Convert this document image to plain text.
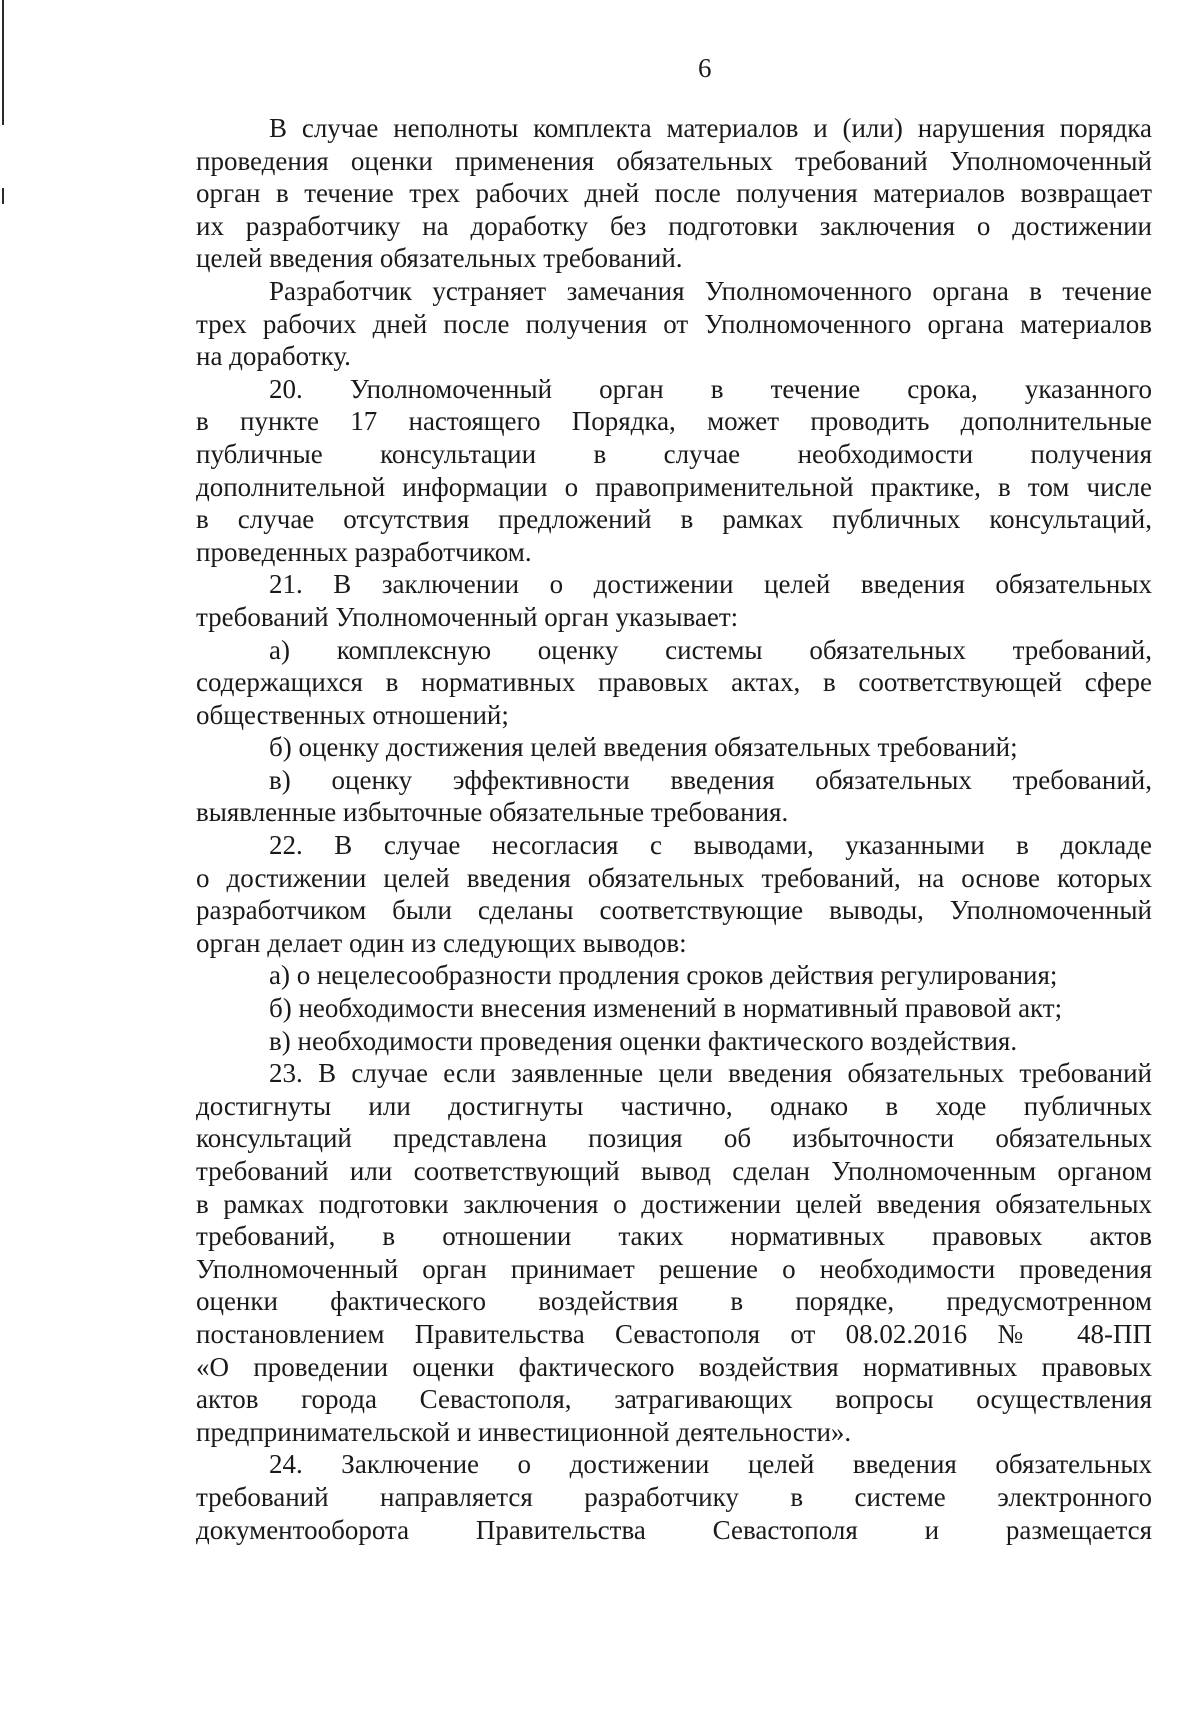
6
В случае неполноты комплекта материалов и (или) нарушения порядка
проведения оценки применения обязательных требований Уполномоченный
орган в течение трех рабочих дней после получения материалов возвращает
их разработчику на доработку без подготовки заключения о достижении
целей введения обязательных требований.
Разработчик устраняет замечания Уполномоченного органа в течение
трех рабочих дней после получения от Уполномоченного органа материалов
на доработку.
20. Уполномоченный орган в течение срока, указанного
в пункте 17 настоящего Порядка, может проводить дополнительные
публичные консультации в случае необходимости получения
дополнительной информации о правоприменительной практике, в том числе
в случае отсутствия предложений в рамках публичных консультаций,
проведенных разработчиком.
21. В заключении о достижении целей введения обязательных
требований Уполномоченный орган указывает:
а) комплексную оценку системы обязательных требований,
содержащихся в нормативных правовых актах, в соответствующей сфере
общественных отношений;
б) оценку достижения целей введения обязательных требований;
в) оценку эффективности введения обязательных требований,
выявленные избыточные обязательные требования.
22. В случае несогласия с выводами, указанными в докладе
о достижении целей введения обязательных требований, на основе которых
разработчиком были сделаны соответствующие выводы, Уполномоченный
орган делает один из следующих выводов:
а) о нецелесообразности продления сроков действия регулирования;
б) необходимости внесения изменений в нормативный правовой акт;
в) необходимости проведения оценки фактического воздействия.
23. В случае если заявленные цели введения обязательных требований
достигнуты или достигнуты частично, однако в ходе публичных
консультаций представлена позиция об избыточности обязательных
требований или соответствующий вывод сделан Уполномоченным органом
в рамках подготовки заключения о достижении целей введения обязательных
требований, в отношении таких нормативных правовых актов
Уполномоченный орган принимает решение о необходимости проведения
оценки фактического воздействия в порядке, предусмотренном
постановлением Правительства Севастополя от 08.02.2016 № 48-ПП
«О проведении оценки фактического воздействия нормативных правовых
актов города Севастополя, затрагивающих вопросы осуществления
предпринимательской и инвестиционной деятельности».
24. Заключение о достижении целей введения обязательных
требований направляется разработчику в системе электронного
документооборота Правительства Севастополя и размещается
